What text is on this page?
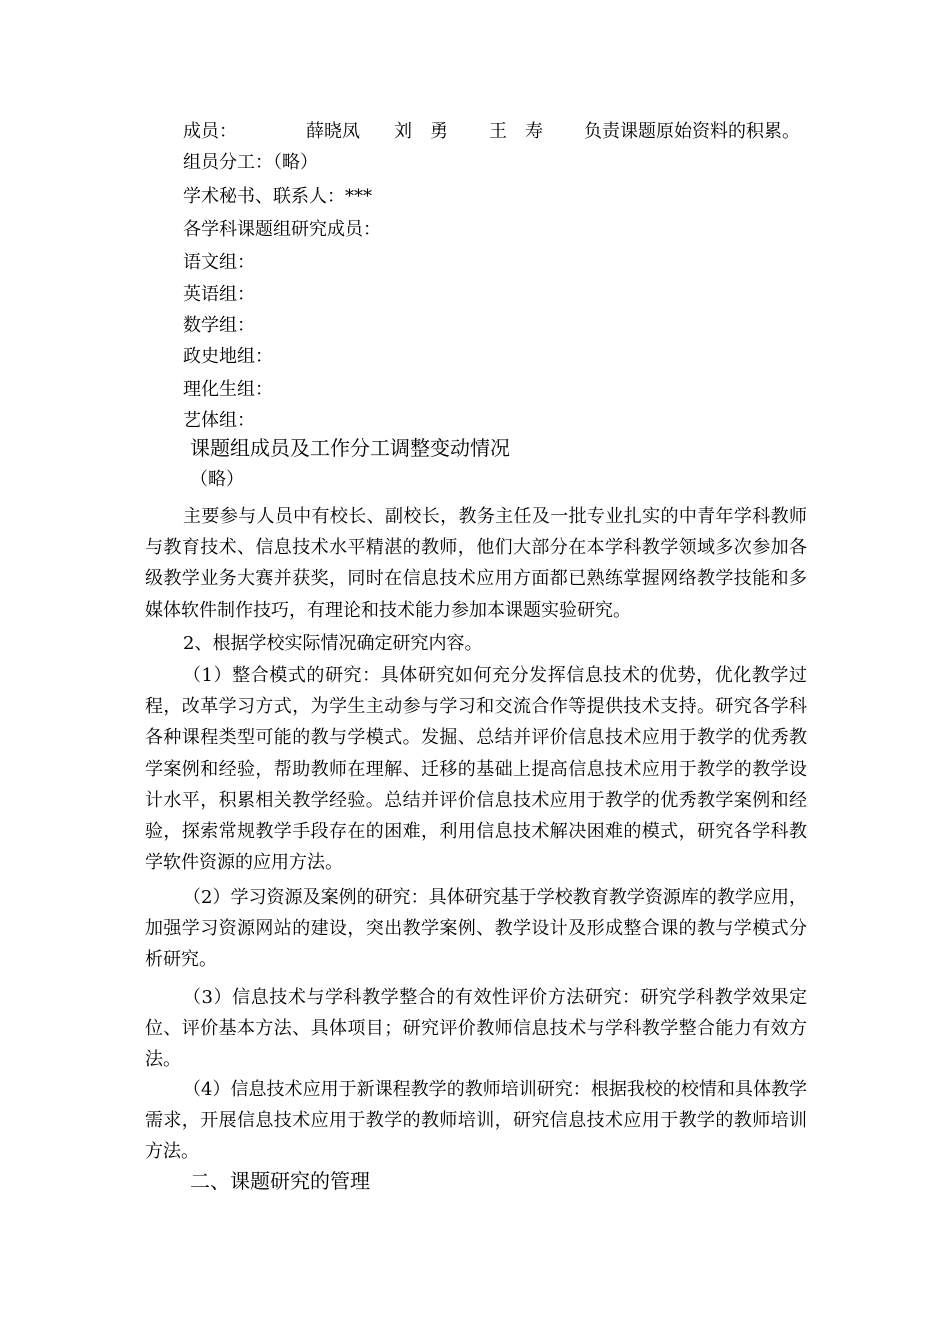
成员：	薛晓凤 刘　勇 王　寿 负责课题原始资料的积累。
组员分工：（略）
学术秘书、联系人：***
各学科课题组研究成员：
语文组：
英语组：
数学组：
政史地组：
理化生组：
艺体组：
课题组成员及工作分工调整变动情况
（略）

主要参与人员中有校长、副校长，教务主任及一批专业扎实的中青年学科教师与教育技术、信息技术水平精湛的教师，他们大部分在本学科教学领域多次参加各级教学业务大赛并获奖，同时在信息技术应用方面都已熟练掌握网络教学技能和多媒体软件制作技巧，有理论和技术能力参加本课题实验研究。

2、根据学校实际情况确定研究内容。

（1）整合模式的研究：具体研究如何充分发挥信息技术的优势，优化教学过程，改革学习方式，为学生主动参与学习和交流合作等提供技术支持。研究各学科各种课程类型可能的教与学模式。发掘、总结并评价信息技术应用于教学的优秀教学案例和经验，帮助教师在理解、迁移的基础上提高信息技术应用于教学的教学设计水平，积累相关教学经验。总结并评价信息技术应用于教学的优秀教学案例和经验，探索常规教学手段存在的困难，利用信息技术解决困难的模式，研究各学科教学软件资源的应用方法。

（2）学习资源及案例的研究：具体研究基于学校教育教学资源库的教学应用，加强学习资源网站的建设，突出教学案例、教学设计及形成整合课的教与学模式分析研究。

（3）信息技术与学科教学整合的有效性评价方法研究：研究学科教学效果定位、评价基本方法、具体项目；研究评价教师信息技术与学科教学整合能力有效方法。

（4）信息技术应用于新课程教学的教师培训研究：根据我校的校情和具体教学需求，开展信息技术应用于教学的教师培训，研究信息技术应用于教学的教师培训方法。

二、课题研究的管理
